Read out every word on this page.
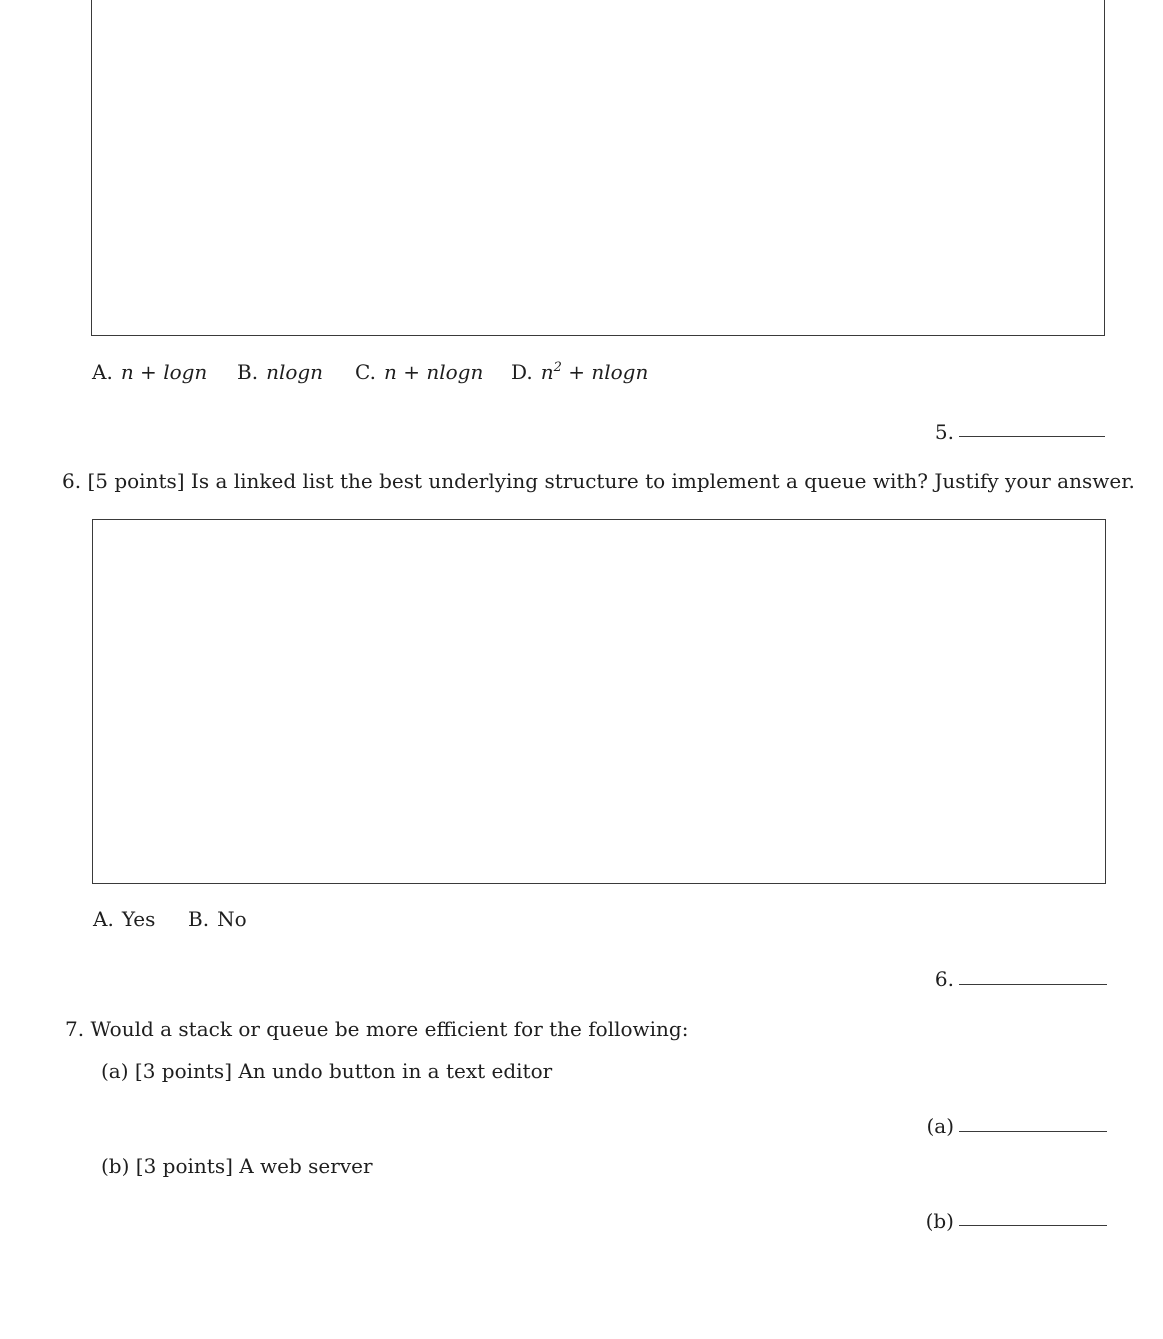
A. n + logn B. nlogn C. n + nlogn D. $n^2 + nlogn$
5.
6. [5 points] Is a linked list the best underlying structure to implement a queue with? Justify your answer.
A. Yes B. No
6.
7. Would a stack or queue be more efficient for the following:
(a) [3 points] An undo button in a text editor
(a)
(b) [3 points] A web server
(b)
